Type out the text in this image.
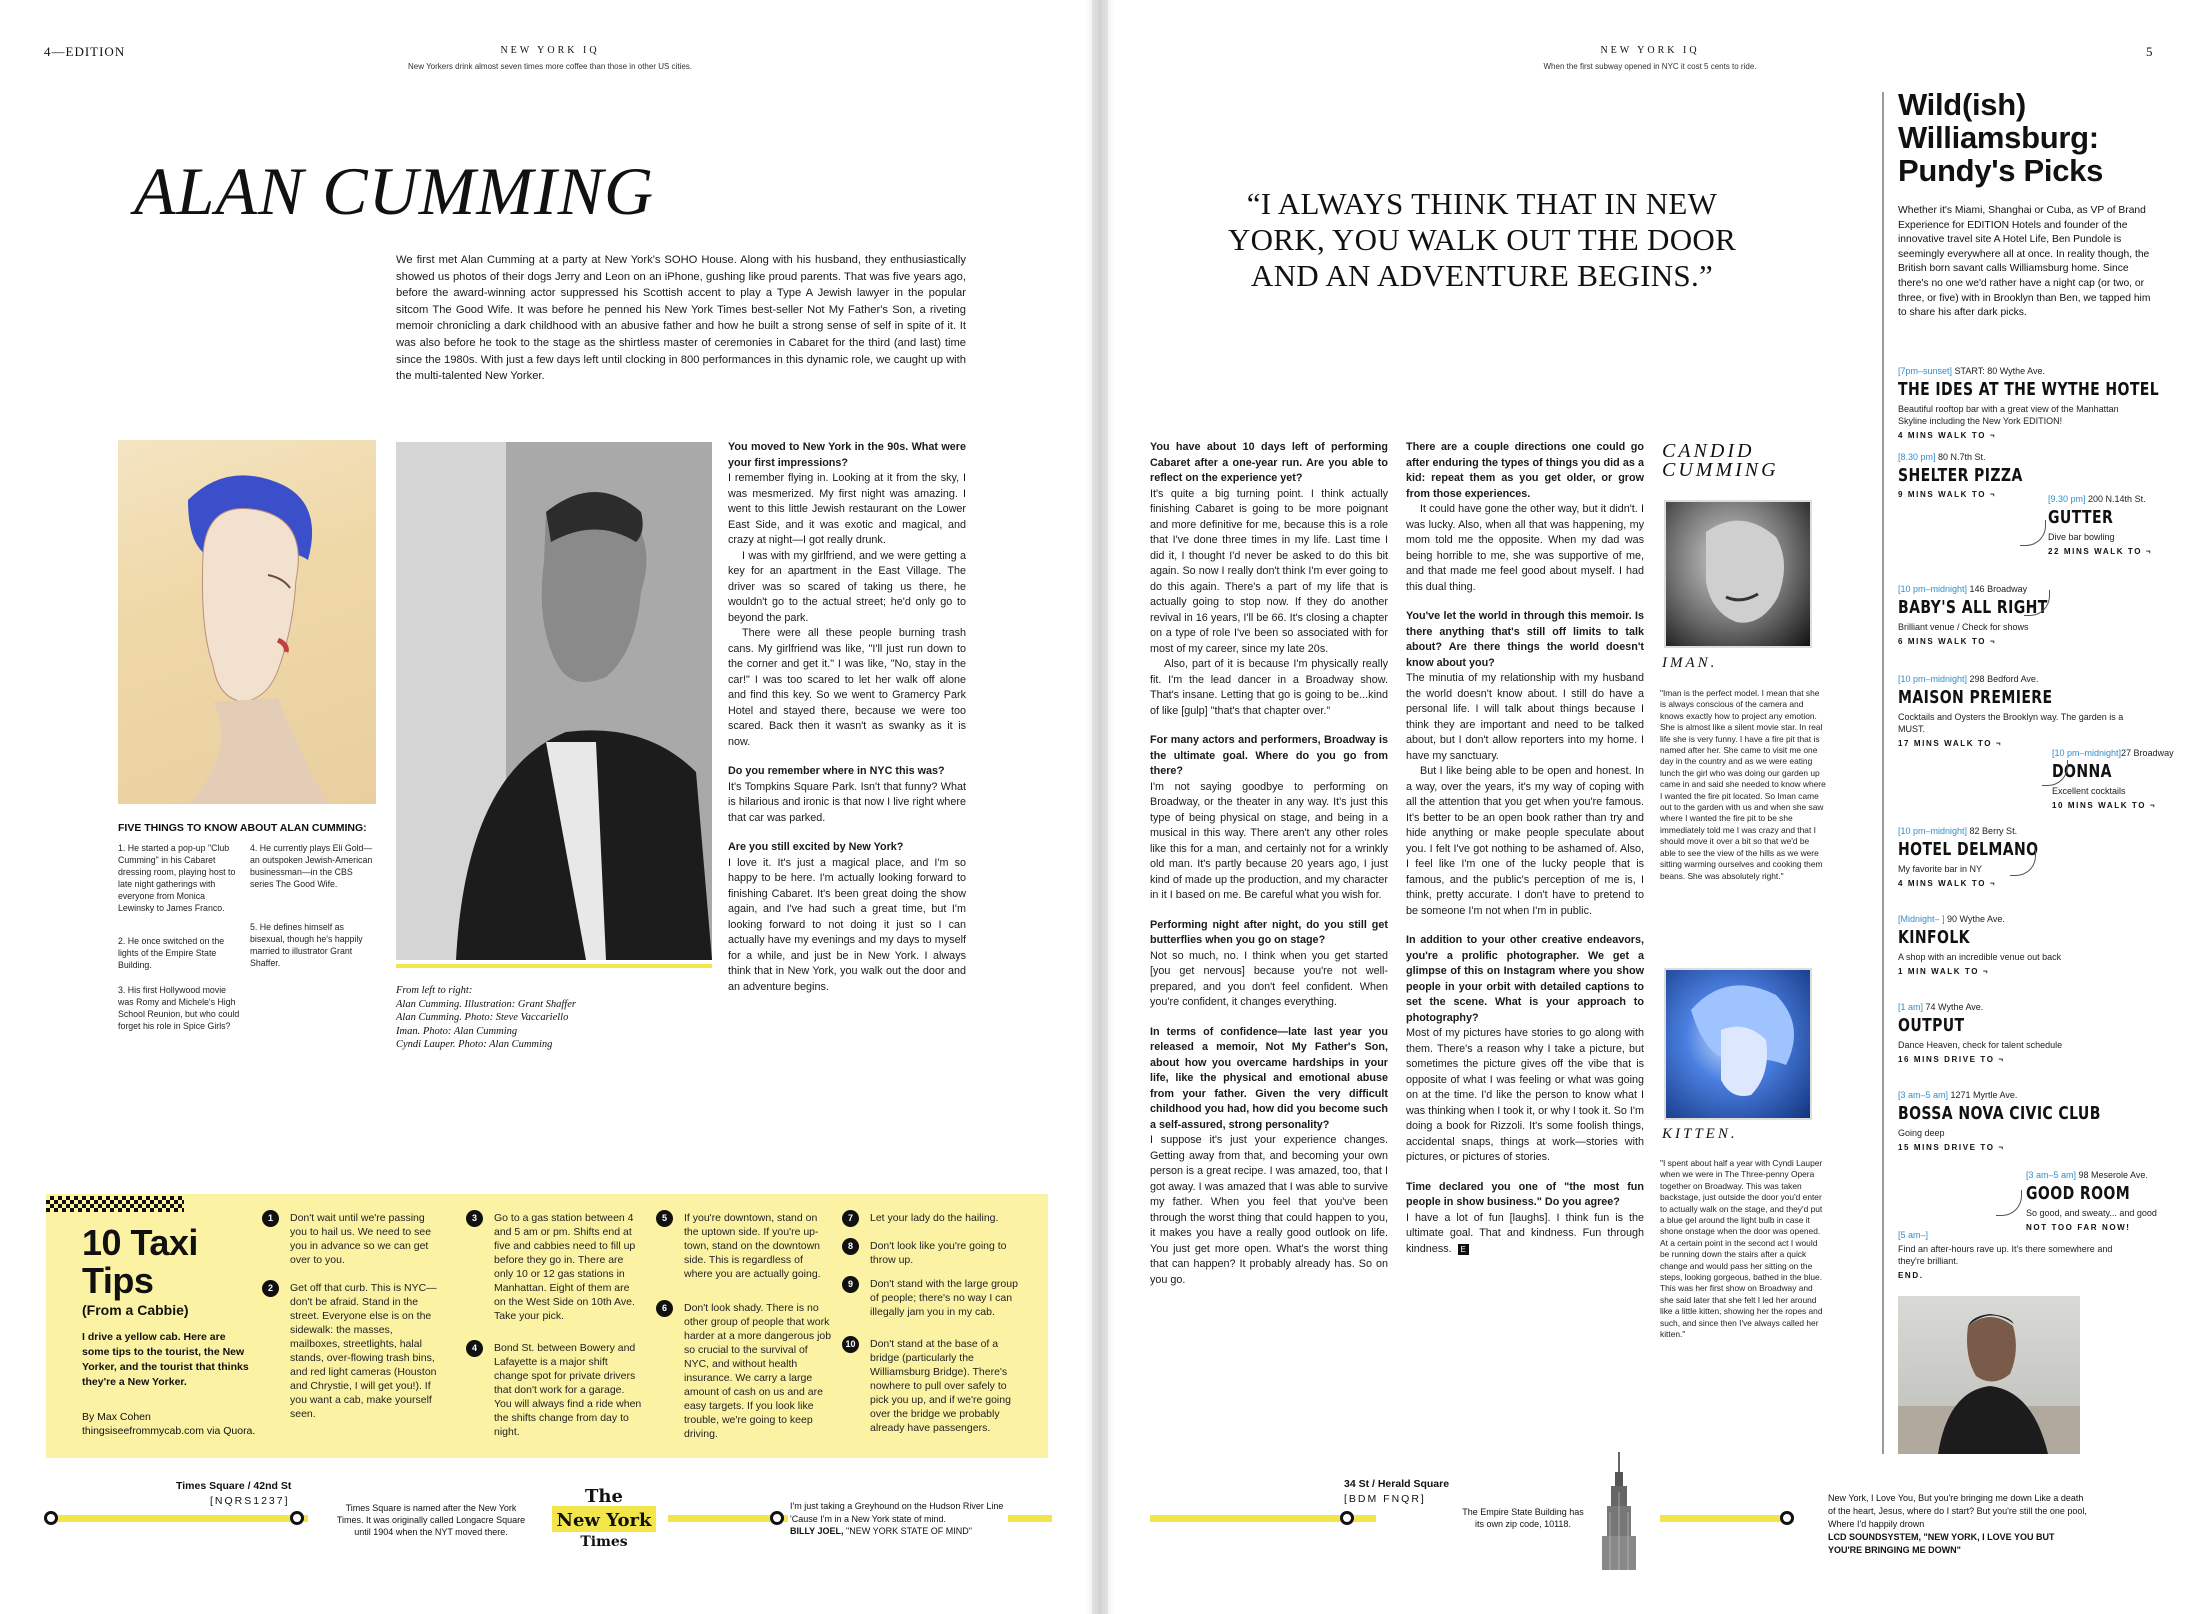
4—EDITION	NEW YORK IQ
New Yorkers drink almost seven times more coffee than those in other US cities.
ALAN CUMMING
We first met Alan Cumming at a party at New York's SOHO House. Along with his husband, they enthusiastically showed us photos of their dogs Jerry and Leon on an iPhone, gushing like proud parents. That was five years ago, before the award-winning actor suppressed his Scottish accent to play a Type A Jewish lawyer in the popular sitcom The Good Wife. It was before he penned his New York Times best-seller Not My Father's Son, a riveting memoir chronicling a dark childhood with an abusive father and how he built a strong sense of self in spite of it. It was also before he took to the stage as the shirtless master of ceremonies in Cabaret for the third (and last) time since the 1980s. With just a few days left until clocking in 800 performances in this dynamic role, we caught up with the multi-talented New Yorker.
FIVE THINGS TO KNOW ABOUT ALAN CUMMING:
1. He started a pop-up "Club Cumming" in his Cabaret dressing room, playing host to late night gatherings with everyone from Monica Lewinsky to James Franco.
2. He once switched on the lights of the Empire State Building.
3. His first Hollywood movie was Romy and Michele's High School Reunion, but who could forget his role in Spice Girls?
4. He currently plays Eli Gold— an outspoken Jewish-American businessman—in the CBS series The Good Wife.
5. He defines himself as bisexual, though he's happily married to illustrator Grant Shaffer.
From left to right:
Alan Cumming. Illustration: Grant Shaffer
Alan Cumming. Photo: Steve Vaccariello
Iman. Photo: Alan Cumming
Cyndi Lauper. Photo: Alan Cumming

You moved to New York in the 90s. What were your first impressions?

I remember flying in. Looking at it from the sky, I was mesmerized. My first night was amazing. I went to this little Jewish restaurant on the Lower East Side, and it was exotic and magical, and crazy at night—I got really drunk.

I was with my girlfriend, and we were getting a key for an apartment in the East Village. The driver was so scared of taking us there, he wouldn't go to the actual street; he'd only go to beyond the park.

There were all these people burning trash cans. My girlfriend was like, "I'll just run down to the corner and get it." I was like, "No, stay in the car!" I was too scared to let her walk off alone and find this key. So we went to Gramercy Park Hotel and stayed there, because we were too scared. Back then it wasn't as swanky as it is now.

Do you remember where in NYC this was?

It's Tompkins Square Park. Isn't that funny? What is hilarious and ironic is that now I live right where that car was parked.

Are you still excited by New York?

I love it. It's just a magical place, and I'm so happy to be here. I'm actually looking forward to finishing Cabaret. It's been great doing the show again, and I've had such a great time, but I'm looking forward to not doing it just so I can actually have my evenings and my days to myself for a while, and just be in New York. I always think that in New York, you walk out the door and an adventure begins.

10 Taxi
Tips
(From a Cabbie)
I drive a yellow cab. Here are some tips to the tourist, the New Yorker, and the tourist that thinks they're a New Yorker.
By Max Cohen
thingsiseefrommycab.com via Quora.
1	Don't wait until we're passing you to hail us. We need to see you in advance so we can get over to you.
2	Get off that curb. This is NYC—don't be afraid. Stand in the street. Everyone else is on the sidewalk: the masses, mailboxes, streetlights, halal stands, over-flowing trash bins, and red light cameras (Houston and Chrystie, I will get you!). If you want a cab, make yourself seen.
3	Go to a gas station between 4 and 5 am or pm. Shifts end at five and cabbies need to fill up before they go in. There are only 10 or 12 gas stations in Manhattan. Eight of them are on the West Side on 10th Ave. Take your pick.
4	Bond St. between Bowery and Lafayette is a major shift change spot for private drivers that don't work for a garage. You will always find a ride when the shifts change from day to night.
5	If you're downtown, stand on the uptown side. If you're up-town, stand on the downtown side. This is regardless of where you are actually going.
6	Don't look shady. There is no other group of people that work harder at a more dangerous job so crucial to the survival of NYC, and without health insurance. We carry a large amount of cash on us and are easy targets. If you look like trouble, we're going to keep driving.
7	Let your lady do the hailing.
8	Don't look like you're going to throw up.
9	Don't stand with the large group of people; there's no way I can illegally jam you in my cab.
10	Don't stand at the base of a bridge (particularly the Williamsburg Bridge). There's nowhere to pull over safely to pick you up, and if we're going over the bridge we probably already have passengers.
Times Square / 42nd St
[NQRS1237]
Times Square is named after the New York Times. It was originally called Longacre Square until 1904 when the NYT moved there.
The
New York
Times
I'm just taking a Greyhound on the Hudson River Line 'Cause I'm in a New York state of mind.
BILLY JOEL, "NEW YORK STATE OF MIND"
NEW YORK IQ
When the first subway opened in NYC it cost 5 cents to ride.
5
“I ALWAYS THINK THAT IN NEW YORK, YOU WALK OUT THE DOOR AND AN ADVENTURE BEGINS.”

You have about 10 days left of performing Cabaret after a one-year run. Are you able to reflect on the experience yet?

It's quite a big turning point. I think actually finishing Cabaret is going to be more poignant and more definitive for me, because this is a role that I've done three times in my life. Last time I did it, I thought I'd never be asked to do this bit again. So now I really don't think I'm ever going to do this again. There's a part of my life that is actually going to stop now. If they do another revival in 16 years, I'll be 66. It's closing a chapter on a type of role I've been so associated with for most of my career, since my late 20s.

Also, part of it is because I'm physically really fit. I'm the lead dancer in a Broadway show. That's insane. Letting that go is going to be...kind of like [gulp] "that's that chapter over."

For many actors and performers, Broadway is the ultimate goal. Where do you go from there?

I'm not saying goodbye to performing on Broadway, or the theater in any way. It's just this type of being physical on stage, and being in a musical in this way. There aren't any other roles like this for a man, and certainly not for a wrinkly old man. It's partly because 20 years ago, I just kind of made up the production, and my character in it I based on me. Be careful what you wish for.

Performing night after night, do you still get butterflies when you go on stage?

Not so much, no. I think when you get started [you get nervous] because you're not well-prepared, and you don't feel confident. When you're confident, it changes everything.

In terms of confidence—late last year you released a memoir, Not My Father's Son, about how you overcame hardships in your life, like the physical and emotional abuse from your father. Given the very difficult childhood you had, how did you become such a self-assured, strong personality?

I suppose it's just your experience changes. Getting away from that, and becoming your own person is a great recipe. I was amazed, too, that I got away. I was amazed that I was able to survive my father. When you feel that you've been through the worst thing that could happen to you, it makes you have a really good outlook on life. You just get more open. What's the worst thing that can happen? It probably already has. So on you go.

There are a couple directions one could go after enduring the types of things you did as a kid: repeat them as you get older, or grow from those experiences.

It could have gone the other way, but it didn't. I was lucky. Also, when all that was happening, my mom told me the opposite. When my dad was being horrible to me, she was supportive of me, and that made me feel good about myself. I had this dual thing.

You've let the world in through this memoir. Is there anything that's still off limits to talk about? Are there things the world doesn't know about you?

The minutia of my relationship with my husband the world doesn't know about. I still do have a personal life. I will talk about things because I think they are important and need to be talked about, but I don't allow reporters into my home. I have my sanctuary.

But I like being able to be open and honest. In a way, over the years, it's my way of coping with all the attention that you get when you're famous. It's better to be an open book rather than try and hide anything or make people speculate about you. I felt I've got nothing to be ashamed of. Also, I feel like I'm one of the lucky people that is famous, and the public's perception of me is, I think, pretty accurate. I don't have to pretend to be someone I'm not when I'm in public.

In addition to your other creative endeavors, you're a prolific photographer. We get a glimpse of this on Instagram where you show people in your orbit with detailed captions to set the scene. What is your approach to photography?

Most of my pictures have stories to go along with them. There's a reason why I take a picture, but sometimes the picture gives off the vibe that is opposite of what I was feeling or what was going on at the time. I'd like the person to know what I was thinking when I took it, or why I took it. So I'm doing a book for Rizzoli. It's some foolish things, accidental snaps, things at work—stories with pictures, or pictures of stories.

Time declared you one of "the most fun people in show business." Do you agree?

I have a lot of fun [laughs]. I think fun is the ultimate goal. That and kindness. Fun through kindness. E

CANDID
CUMMING
IMAN.
"Iman is the perfect model. I mean that she is always conscious of the camera and knows exactly how to project any emotion. She is almost like a silent movie star. In real life she is very funny. I have a fire pit that is named after her. She came to visit me one day in the country and as we were eating lunch the girl who was doing our garden up came in and said she needed to know where I wanted the fire pit located. So Iman came out to the garden with us and when she saw where I wanted the fire pit to be she immediately told me I was crazy and that I should move it over a bit so that we'd be able to see the view of the hills as we were sitting warming ourselves and cooking them beans. She was absolutely right."
KITTEN.
"I spent about half a year with Cyndi Lauper when we were in The Three-penny Opera together on Broadway. This was taken backstage, just outside the door you'd enter to actually walk on the stage, and they'd put a blue gel around the light bulb in case it shone onstage when the door was opened. At a certain point in the second act I would be running down the stairs after a quick change and would pass her sitting on the steps, looking gorgeous, bathed in the blue. This was her first show on Broadway and she said later that she felt I led her around like a little kitten, showing her the ropes and such, and since then I've always called her kitten."
Wild(ish)
Williamsburg:
Pundy's Picks
Whether it's Miami, Shanghai or Cuba, as VP of Brand Experience for EDITION Hotels and founder of the innovative travel site A Hotel Life, Ben Pundole is seemingly everywhere all at once. In reality though, the British born savant calls Williamsburg home. Since there's no one we'd rather have a night cap (or two, or three, or five) with in Brooklyn than Ben, we tapped him to share his after dark picks.
[7pm–sunset] START: 80 Wythe Ave.
THE IDES AT THE WYTHE HOTEL
Beautiful rooftop bar with a great view of the Manhattan Skyline including the New York EDITION!
4 MINS WALK TO ¬
[8.30 pm] 80 N.7th St.
SHELTER PIZZA
9 MINS WALK TO ¬	[9.30 pm] 200 N.14th St.
GUTTER
Dive bar bowling
22 MINS WALK TO ¬
[10 pm–midnight] 146 Broadway
BABY'S ALL RIGHT
Brilliant venue / Check for shows
6 MINS WALK TO ¬
[10 pm–midnight] 298 Bedford Ave.
MAISON PREMIERE
Cocktails and Oysters the Brooklyn way. The garden is a MUST.
17 MINS WALK TO ¬
[10 pm–midnight]27 Broadway
DONNA
Excellent cocktails
10 MINS WALK TO ¬
[10 pm–midnight] 82 Berry St.
HOTEL DELMANO
My favorite bar in NY
4 MINS WALK TO ¬
[Midnight– ] 90 Wythe Ave.
KINFOLK
A shop with an incredible venue out back
1 MIN WALK TO ¬
[1 am] 74 Wythe Ave.
OUTPUT
Dance Heaven, check for talent schedule
16 MINS DRIVE TO ¬
[3 am–5 am] 1271 Myrtle Ave.
BOSSA NOVA CIVIC CLUB
Going deep
15 MINS DRIVE TO ¬
[3 am–5 am] 98 Meserole Ave.
GOOD ROOM
So good, and sweaty... and good
NOT TOO FAR NOW!
[5 am–]
Find an after-hours rave up. It's there somewhere and they're brilliant.
END.
34 St / Herald Square
[BDM FNQR]
The Empire State Building has its own zip code, 10118.
New York, I Love You, But you're bringing me down Like a death of the heart, Jesus, where do I start? But you're still the one pool, Where I'd happily drown
LCD SOUNDSYSTEM, "NEW YORK, I LOVE YOU BUT YOU'RE BRINGING ME DOWN"
